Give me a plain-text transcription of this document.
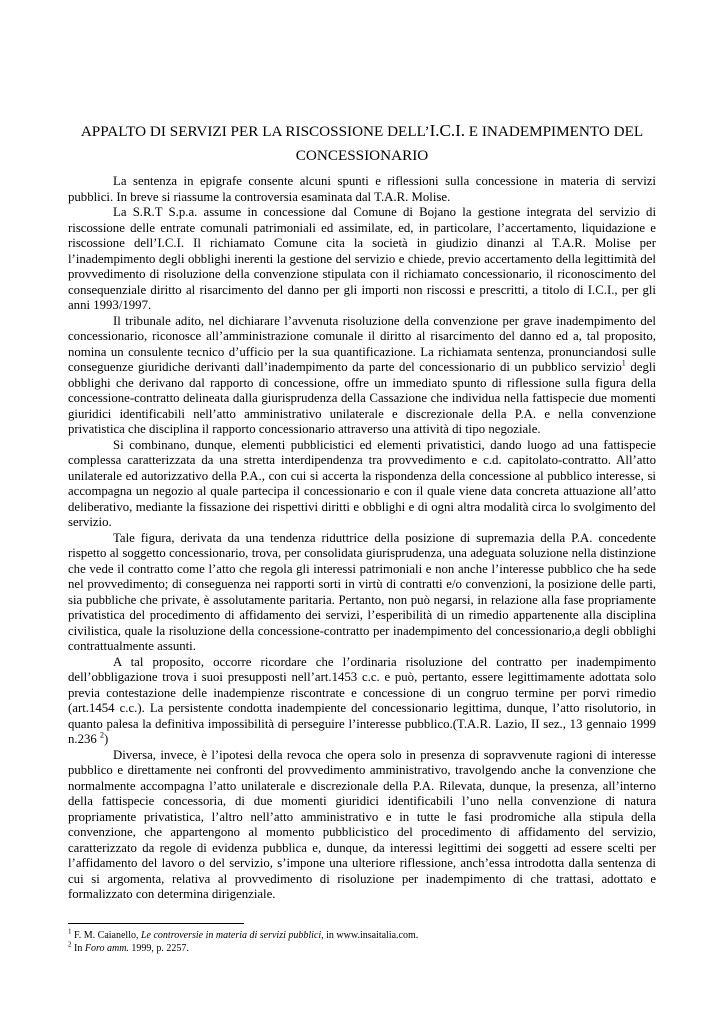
APPALTO DI SERVIZI PER LA RISCOSSIONE DELL’I.C.I. E INADEMPIMENTO DEL CONCESSIONARIO

La sentenza in epigrafe consente alcuni spunti e riflessioni sulla concessione in materia di servizi pubblici. In breve si riassume la controversia esaminata dal T.A.R. Molise.

La S.R.T S.p.a. assume in concessione dal Comune di Bojano la gestione integrata del servizio di riscossione delle entrate comunali patrimoniali ed assimilate, ed, in particolare, l’accertamento, liquidazione e riscossione dell’I.C.I. Il richiamato Comune cita la società in giudizio dinanzi al T.A.R. Molise per l’inadempimento degli obblighi inerenti la gestione del servizio e chiede, previo accertamento della legittimità del provvedimento di risoluzione della convenzione stipulata con il richiamato concessionario, il riconoscimento del consequenziale diritto al risarcimento del danno per gli importi non riscossi e prescritti, a titolo di I.C.I., per gli anni 1993/1997.

Il tribunale adito, nel dichiarare l’avvenuta risoluzione della convenzione per grave inadempimento del concessionario, riconosce all’amministrazione comunale il diritto al risarcimento del danno ed a, tal proposito, nomina un consulente tecnico d’ufficio per la sua quantificazione. La richiamata sentenza, pronunciandosi sulle conseguenze giuridiche derivanti dall’inadempimento da parte del concessionario di un pubblico servizio$^1$ degli obblighi che derivano dal rapporto di concessione, offre un immediato spunto di riflessione sulla figura della concessione-contratto delineata dalla giurisprudenza della Cassazione che individua nella fattispecie due momenti giuridici identificabili nell’atto amministrativo unilaterale e discrezionale della P.A. e nella convenzione privatistica che disciplina il rapporto concessionario attraverso una attività di tipo negoziale.

Si combinano, dunque, elementi pubblicistici ed elementi privatistici, dando luogo ad una fattispecie complessa caratterizzata da una stretta interdipendenza tra provvedimento e c.d. capitolato-contratto. All’atto unilaterale ed autorizzativo della P.A., con cui si accerta la rispondenza della concessione al pubblico interesse, si accompagna un negozio al quale partecipa il concessionario e con il quale viene data concreta attuazione all’atto deliberativo, mediante la fissazione dei rispettivi diritti e obblighi e di ogni altra modalità circa lo svolgimento del servizio.

Tale figura, derivata da una tendenza riduttrice della posizione di supremazia della P.A. concedente rispetto al soggetto concessionario, trova, per consolidata giurisprudenza, una adeguata soluzione nella distinzione che vede il contratto come l’atto che regola gli interessi patrimoniali e non anche l’interesse pubblico che ha sede nel provvedimento; di conseguenza nei rapporti sorti in virtù di contratti e/o convenzioni, la posizione delle parti, sia pubbliche che private, è assolutamente paritaria. Pertanto, non può negarsi, in relazione alla fase propriamente privatistica del procedimento di affidamento dei servizi, l’esperibilità di un rimedio appartenente alla disciplina civilistica, quale la risoluzione della concessione-contratto per inadempimento del concessionario,a degli obblighi contrattualmente assunti.

A tal proposito, occorre ricordare che l’ordinaria risoluzione del contratto per inadempimento dell’obbligazione trova i suoi presupposti nell’art.1453 c.c. e può, pertanto, essere legittimamente adottata solo previa contestazione delle inadempienze riscontrate e concessione di un congruo termine per porvi rimedio (art.1454 c.c.). La persistente condotta inadempiente del concessionario legittima, dunque, l’atto risolutorio, in quanto palesa la definitiva impossibilità di perseguire l’interesse pubblico.(T.A.R. Lazio, II sez., 13 gennaio 1999 n.236 $^2$)

Diversa, invece, è l’ipotesi della revoca che opera solo in presenza di sopravvenute ragioni di interesse pubblico e direttamente nei confronti del provvedimento amministrativo, travolgendo anche la convenzione che normalmente accompagna l’atto unilaterale e discrezionale della P.A. Rilevata, dunque, la presenza, all’interno della fattispecie concessoria, di due momenti giuridici identificabili l’uno nella convenzione di natura propriamente privatistica, l’altro nell’atto amministrativo e in tutte le fasi prodromiche alla stipula della convenzione, che appartengono al momento pubblicistico del procedimento di affidamento del servizio, caratterizzato da regole di evidenza pubblica e, dunque, da interessi legittimi dei soggetti ad essere scelti per l’affidamento del lavoro o del servizio, s’impone una ulteriore riflessione, anch’essa introdotta dalla sentenza di cui si argomenta, relativa al provvedimento di risoluzione per inadempimento di che trattasi, adottato e formalizzato con determina dirigenziale.

$^1$ F. M. Caianello, Le controversie in materia di servizi pubblici, in www.insaitalia.com.

$^2$ In Foro amm. 1999, p. 2257.
